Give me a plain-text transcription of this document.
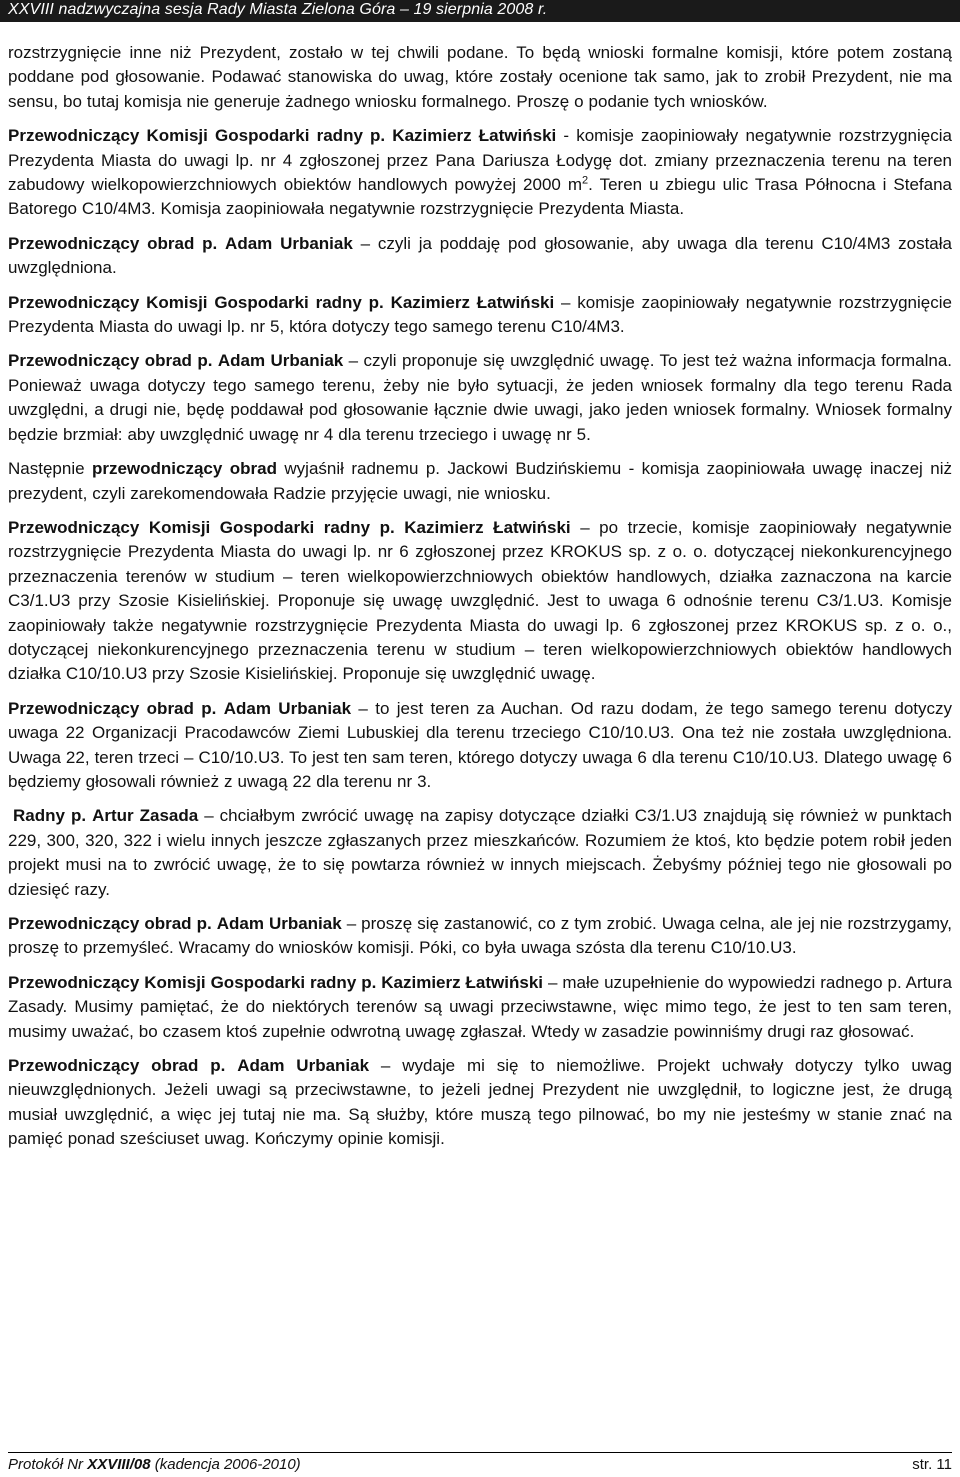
XXVIII nadzwyczajna sesja Rady Miasta Zielona Góra – 19 sierpnia 2008 r.

rozstrzygnięcie inne niż Prezydent, zostało w tej chwili podane. To będą wnioski formalne komisji, które potem zostaną poddane pod głosowanie. Podawać stanowiska do uwag, które zostały ocenione tak samo, jak to zrobił Prezydent, nie ma sensu, bo tutaj komisja nie generuje żadnego wniosku formalnego. Proszę o podanie tych wniosków.

Przewodniczący Komisji Gospodarki radny p. Kazimierz Łatwiński - komisje zaopiniowały negatywnie rozstrzygnięcia Prezydenta Miasta do uwagi lp. nr 4 zgłoszonej przez Pana Dariusza Łodygę dot. zmiany przeznaczenia terenu na teren zabudowy wielkopowierzchniowych obiektów handlowych powyżej 2000 $m^2$. Teren u zbiegu ulic Trasa Północna i Stefana Batorego C10/4M3. Komisja zaopiniowała negatywnie rozstrzygnięcie Prezydenta Miasta.

Przewodniczący obrad p. Adam Urbaniak – czyli ja poddaję pod głosowanie, aby uwaga dla terenu C10/4M3 została uwzględniona.

Przewodniczący Komisji Gospodarki radny p. Kazimierz Łatwiński – komisje zaopiniowały negatywnie rozstrzygnięcie Prezydenta Miasta do uwagi lp. nr 5, która dotyczy tego samego terenu C10/4M3.

Przewodniczący obrad p. Adam Urbaniak – czyli proponuje się uwzględnić uwagę. To jest też ważna informacja formalna. Ponieważ uwaga dotyczy tego samego terenu, żeby nie było sytuacji, że jeden wniosek formalny dla tego terenu Rada uwzględni, a drugi nie, będę poddawał pod głosowanie łącznie dwie uwagi, jako jeden wniosek formalny. Wniosek formalny będzie brzmiał: aby uwzględnić uwagę nr 4 dla terenu trzeciego i uwagę nr 5.

Następnie przewodniczący obrad wyjaśnił radnemu p. Jackowi Budzińskiemu - komisja zaopiniowała uwagę inaczej niż prezydent, czyli zarekomendowała Radzie przyjęcie uwagi, nie wniosku.

Przewodniczący Komisji Gospodarki radny p. Kazimierz Łatwiński – po trzecie, komisje zaopiniowały negatywnie rozstrzygnięcie Prezydenta Miasta do uwagi lp. nr 6 zgłoszonej przez KROKUS sp. z o. o. dotyczącej niekonkurencyjnego przeznaczenia terenów w studium – teren wielkopowierzchniowych obiektów handlowych, działka zaznaczona na karcie C3/1.U3 przy Szosie Kisielińskiej. Proponuje się uwagę uwzględnić. Jest to uwaga 6 odnośnie terenu C3/1.U3. Komisje zaopiniowały także negatywnie rozstrzygnięcie Prezydenta Miasta do uwagi lp. 6 zgłoszonej przez KROKUS sp. z o. o., dotyczącej niekonkurencyjnego przeznaczenia terenu w studium – teren wielkopowierzchniowych obiektów handlowych działka C10/10.U3 przy Szosie Kisielińskiej. Proponuje się uwzględnić uwagę.

Przewodniczący obrad p. Adam Urbaniak – to jest teren za Auchan. Od razu dodam, że tego samego terenu dotyczy uwaga 22 Organizacji Pracodawców Ziemi Lubuskiej dla terenu trzeciego C10/10.U3. Ona też nie została uwzględniona. Uwaga 22, teren trzeci – C10/10.U3. To jest ten sam teren, którego dotyczy uwaga 6 dla terenu C10/10.U3. Dlatego uwagę 6 będziemy głosowali również z uwagą 22 dla terenu nr 3.

Radny p. Artur Zasada – chciałbym zwrócić uwagę na zapisy dotyczące działki C3/1.U3 znajdują się również w punktach 229, 300, 320, 322 i wielu innych jeszcze zgłaszanych przez mieszkańców. Rozumiem że ktoś, kto będzie potem robił jeden projekt musi na to zwrócić uwagę, że to się powtarza również w innych miejscach. Żebyśmy później tego nie głosowali po dziesięć razy.

Przewodniczący obrad p. Adam Urbaniak – proszę się zastanowić, co z tym zrobić. Uwaga celna, ale jej nie rozstrzygamy, proszę to przemyśleć. Wracamy do wniosków komisji. Póki, co była uwaga szósta dla terenu C10/10.U3.

Przewodniczący Komisji Gospodarki radny p. Kazimierz Łatwiński – małe uzupełnienie do wypowiedzi radnego p. Artura Zasady. Musimy pamiętać, że do niektórych terenów są uwagi przeciwstawne, więc mimo tego, że jest to ten sam teren, musimy uważać, bo czasem ktoś zupełnie odwrotną uwagę zgłaszał. Wtedy w zasadzie powinniśmy drugi raz głosować.

Przewodniczący obrad p. Adam Urbaniak – wydaje mi się to niemożliwe. Projekt uchwały dotyczy tylko uwag nieuwzględnionych. Jeżeli uwagi są przeciwstawne, to jeżeli jednej Prezydent nie uwzględnił, to logiczne jest, że drugą musiał uwzględnić, a więc jej tutaj nie ma. Są służby, które muszą tego pilnować, bo my nie jesteśmy w stanie znać na pamięć ponad sześciuset uwag. Kończymy opinie komisji.

Protokół Nr XXVIII/08 (kadencja 2006-2010)	str. 11
